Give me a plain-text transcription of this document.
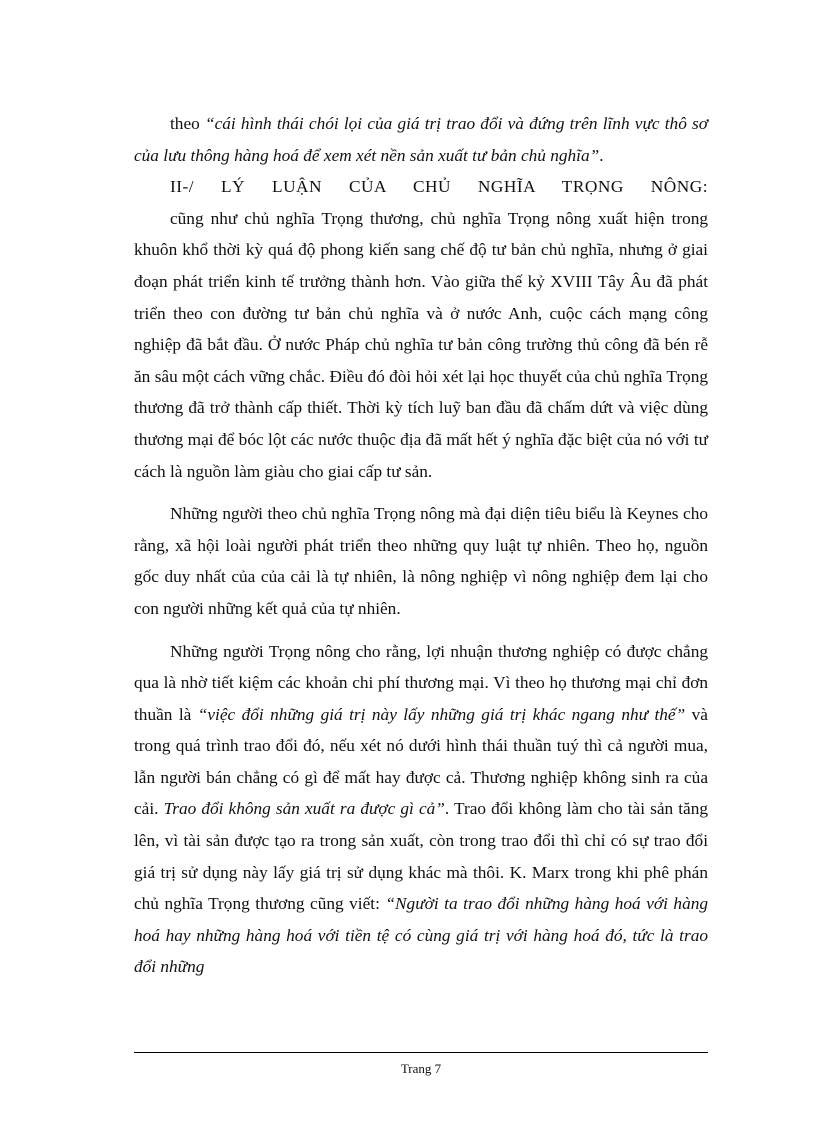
theo “cái hình thái chói lọi của giá trị trao đổi và đứng trên lĩnh vực thô sơ của lưu thông hàng hoá để xem xét nền sản xuất tư bản chủ nghĩa”.

II-/ LÝ LUẬN CỦA CHỦ NGHĨA TRỌNG NÔNG:

cũng như chủ nghĩa Trọng thương, chủ nghĩa Trọng nông xuất hiện trong khuôn khổ thời kỳ quá độ phong kiến sang chế độ tư bản chủ nghĩa, nhưng ở giai đoạn phát triển kinh tế trưởng thành hơn. Vào giữa thế kỷ XVIII Tây Âu đã phát triển theo con đường tư bản chủ nghĩa và ở nước Anh, cuộc cách mạng công nghiệp đã bắt đầu. Ở nước Pháp chủ nghĩa tư bản công trường thủ công đã bén rễ ăn sâu một cách vững chắc. Điều đó đòi hỏi xét lại học thuyết của chủ nghĩa Trọng thương đã trở thành cấp thiết. Thời kỳ tích luỹ ban đầu đã chấm dứt và việc dùng thương mại để bóc lột các nước thuộc địa đã mất hết ý nghĩa đặc biệt của nó với tư cách là nguồn làm giàu cho giai cấp tư sản.

Những người theo chủ nghĩa Trọng nông mà đại diện tiêu biểu là Keynes cho rằng, xã hội loài người phát triển theo những quy luật tự nhiên. Theo họ, nguồn gốc duy nhất của của cải là tự nhiên, là nông nghiệp vì nông nghiệp đem lại cho con người những kết quả của tự nhiên.

Những người Trọng nông cho rằng, lợi nhuận thương nghiệp có được chẳng qua là nhờ tiết kiệm các khoản chi phí thương mại. Vì theo họ thương mại chỉ đơn thuần là “việc đổi những giá trị này lấy những giá trị khác ngang như thế” và trong quá trình trao đổi đó, nếu xét nó dưới hình thái thuần tuý thì cả người mua, lẫn người bán chẳng có gì để mất hay được cả. Thương nghiệp không sinh ra của cải. Trao đổi không sản xuất ra được gì cả”. Trao đổi không làm cho tài sản tăng lên, vì tài sản được tạo ra trong sản xuất, còn trong trao đổi thì chỉ có sự trao đổi giá trị sử dụng này lấy giá trị sử dụng khác mà thôi. K. Marx trong khi phê phán chủ nghĩa Trọng thương cũng viết: “Người ta trao đổi những hàng hoá với hàng hoá hay những hàng hoá với tiền tệ có cùng giá trị với hàng hoá đó, tức là trao đổi những

Trang 7
